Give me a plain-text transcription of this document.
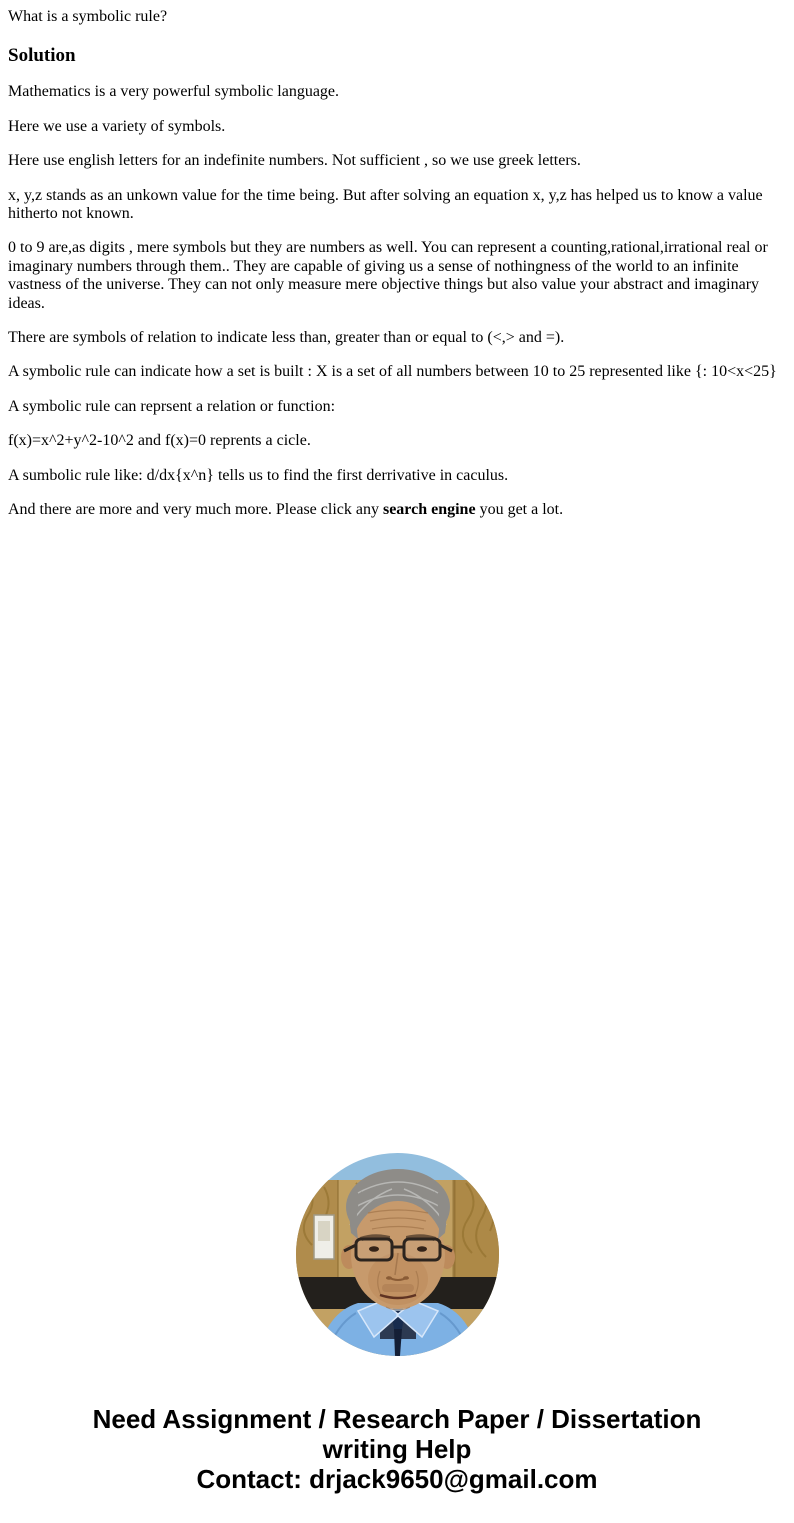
What is a symbolic rule?

Solution

Mathematics is a very powerful symbolic language.

Here we use a variety of symbols.

Here use english letters for an indefinite numbers. Not sufficient , so we use greek letters.

x, y,z stands as an unkown value for the time being. But after solving an equation x, y,z has helped us to know a value hitherto not known.

0 to 9 are,as digits , mere symbols but they are numbers as well. You can represent a counting,rational,irrational real or imaginary numbers through them.. They are capable of giving us a sense of nothingness of the world to an infinite vastness of the universe. They can not only measure mere objective things but also value your abstract and imaginary ideas.

There are symbols of relation to indicate less than, greater than or equal to (<,> and =).

A symbolic rule can indicate how a set is built : X is a set of all numbers between 10 to 25 represented like {: 10<x<25}

A symbolic rule can reprsent a relation or function:

f(x)=x^2+y^2-10^2 and f(x)=0 reprents a cicle.

A sumbolic rule like: d/dx{x^n} tells us to find the first derrivative in caculus.

And there are more and very much more. Please click any search engine you get a lot.

Need Assignment / Research Paper / Dissertation
writing Help
Contact: drjack9650@gmail.com
